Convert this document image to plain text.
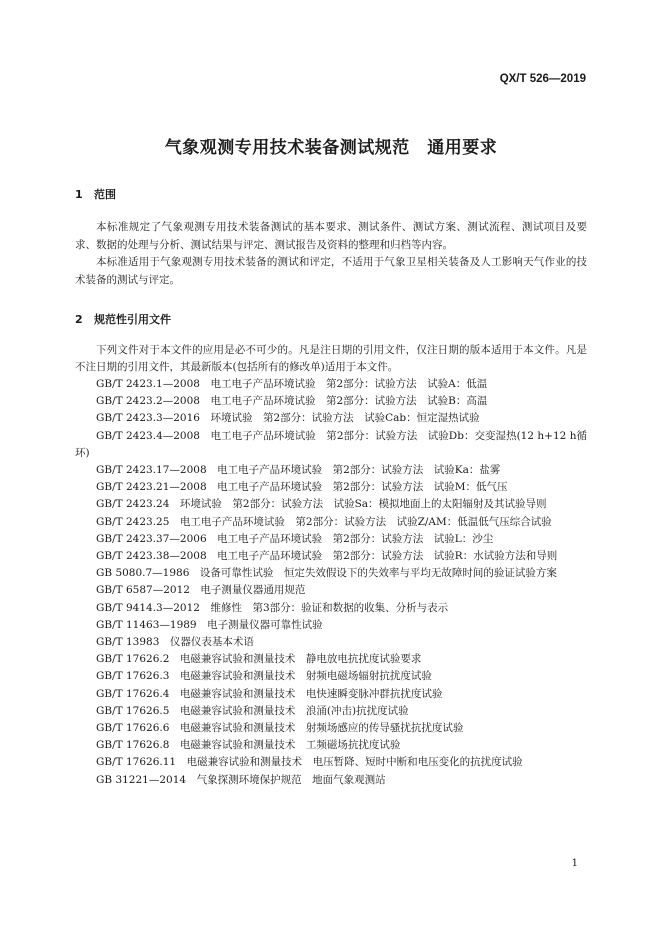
QX/T 526—2019
气象观测专用技术装备测试规范　通用要求
1 范围
本标准规定了气象观测专用技术装备测试的基本要求、测试条件、测试方案、测试流程、测试项目及要求、数据的处理与分析、测试结果与评定、测试报告及资料的整理和归档等内容。
本标准适用于气象观测专用技术装备的测试和评定，不适用于气象卫星相关装备及人工影响天气作业的技术装备的测试与评定。
2 规范性引用文件
下列文件对于本文件的应用是必不可少的。凡是注日期的引用文件，仅注日期的版本适用于本文件。凡是不注日期的引用文件，其最新版本(包括所有的修改单)适用于本文件。
GB/T 2423.1—2008　电工电子产品环境试验　第2部分：试验方法　试验A：低温
GB/T 2423.2—2008　电工电子产品环境试验　第2部分：试验方法　试验B：高温
GB/T 2423.3—2016　环境试验　第2部分：试验方法　试验Cab：恒定湿热试验
GB/T 2423.4—2008　电工电子产品环境试验　第2部分：试验方法　试验Db：交变湿热(12 h+12 h循环)
GB/T 2423.17—2008　电工电子产品环境试验　第2部分：试验方法　试验Ka：盐雾
GB/T 2423.21—2008　电工电子产品环境试验　第2部分：试验方法　试验M：低气压
GB/T 2423.24　环境试验　第2部分：试验方法　试验Sa：模拟地面上的太阳辐射及其试验导则
GB/T 2423.25　电工电子产品环境试验　第2部分：试验方法　试验Z/AM：低温低气压综合试验
GB/T 2423.37—2006　电工电子产品环境试验　第2部分：试验方法　试验L：沙尘
GB/T 2423.38—2008　电工电子产品环境试验　第2部分：试验方法　试验R：水试验方法和导则
GB 5080.7—1986　设备可靠性试验　恒定失效假设下的失效率与平均无故障时间的验证试验方案
GB/T 6587—2012　电子测量仪器通用规范
GB/T 9414.3—2012　维修性　第3部分：验证和数据的收集、分析与表示
GB/T 11463—1989　电子测量仪器可靠性试验
GB/T 13983　仪器仪表基本术语
GB/T 17626.2　电磁兼容试验和测量技术　静电放电抗扰度试验要求
GB/T 17626.3　电磁兼容试验和测量技术　射频电磁场辐射抗扰度试验
GB/T 17626.4　电磁兼容试验和测量技术　电快速瞬变脉冲群抗扰度试验
GB/T 17626.5　电磁兼容试验和测量技术　浪涌(冲击)抗扰度试验
GB/T 17626.6　电磁兼容试验和测量技术　射频场感应的传导骚扰抗扰度试验
GB/T 17626.8　电磁兼容试验和测量技术　工频磁场抗扰度试验
GB/T 17626.11　电磁兼容试验和测量技术　电压暂降、短时中断和电压变化的抗扰度试验
GB 31221—2014　气象探测环境保护规范　地面气象观测站
1
